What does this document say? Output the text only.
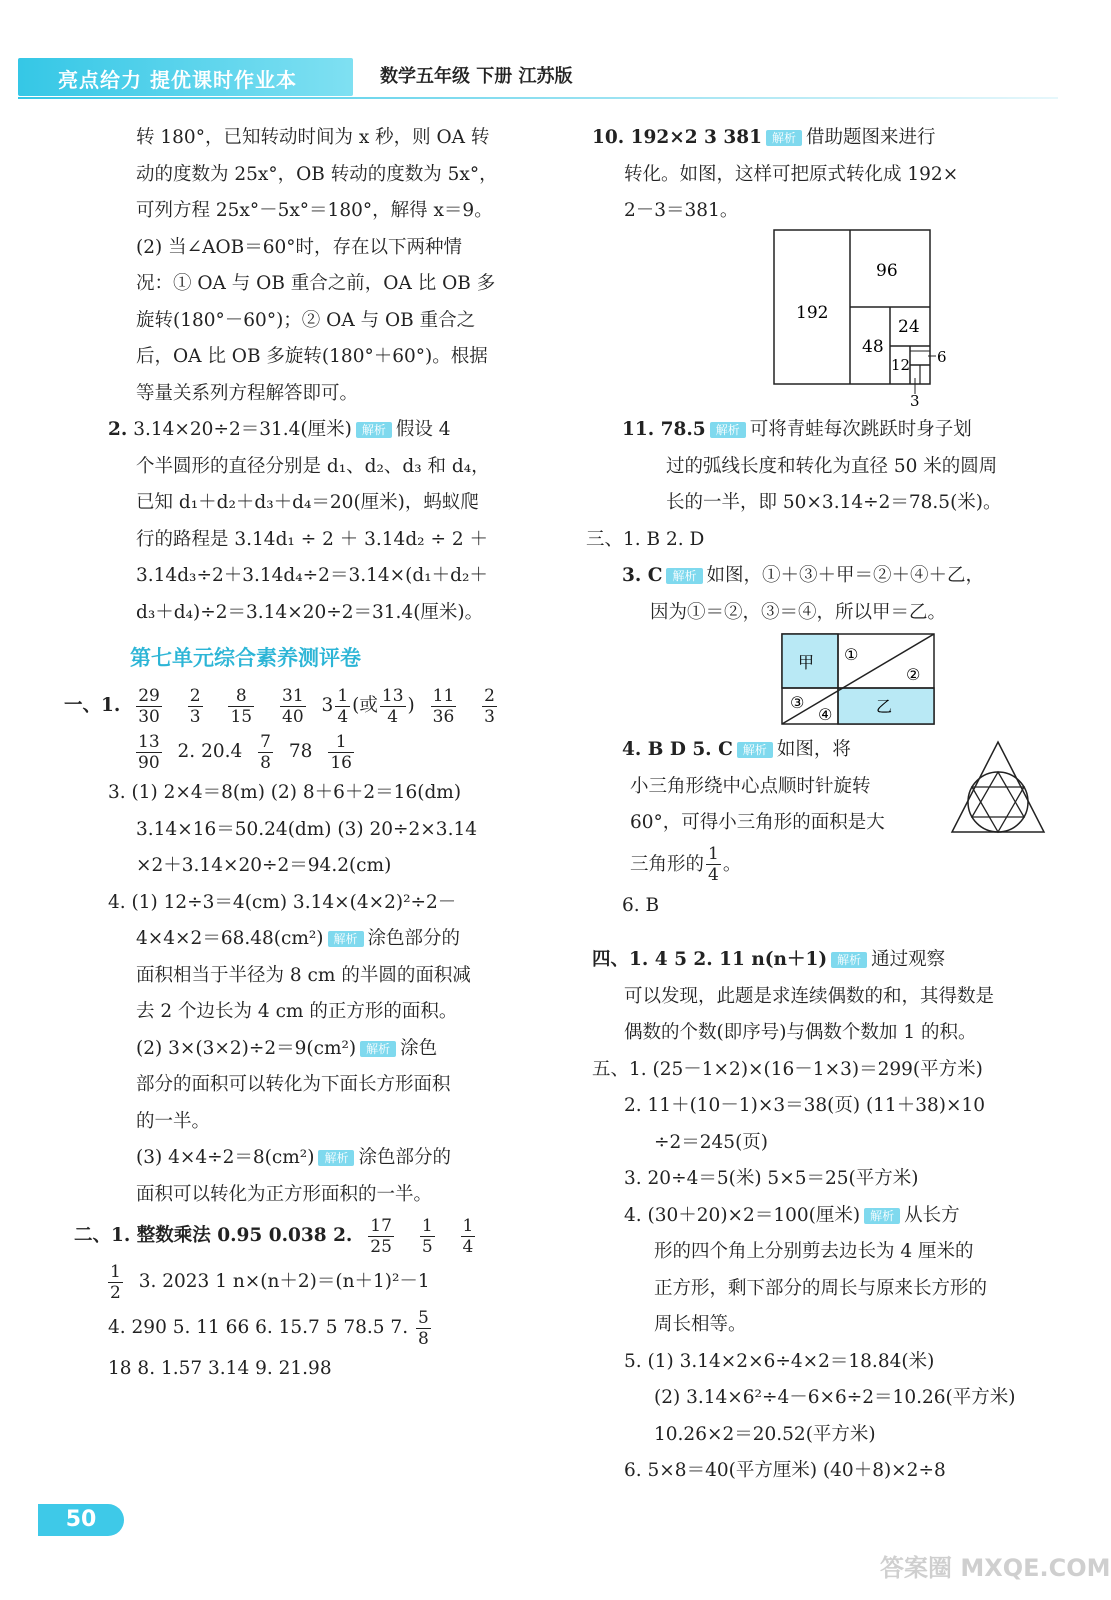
亮点给力 提优课时作业本	数学五年级 下册 江苏版

转 180°，已知转动时间为 x 秒，则 OA 转

动的度数为 25x°，OB 转动的度数为 5x°，

可列方程 25x°－5x°＝180°，解得 x＝9。

(2) 当∠AOB＝60°时，存在以下两种情

况：① OA 与 OB 重合之前，OA 比 OB 多

旋转(180°－60°)；② OA 与 OB 重合之

后，OA 比 OB 多旋转(180°＋60°)。根据

等量关系列方程解答即可。

2. 3.14×20÷2＝31.4(厘米) 解析 假设 4

个半圆形的直径分别是 d₁、d₂、d₃ 和 d₄，

已知 d₁＋d₂＋d₃＋d₄＝20(厘米)，蚂蚁爬

行的路程是 3.14d₁ ÷ 2 ＋ 3.14d₂ ÷ 2 ＋

3.14d₃÷2＋3.14d₄÷2＝3.14×(d₁＋d₂＋

d₃＋d₄)÷2＝3.14×20÷2＝31.4(厘米)。

第七单元综合素养测评卷

一、1. $\frac{29}{30}$
$\frac{2}{3}$
$\frac{8}{15}$
$\frac{31}{40} 3 \frac{1}{4}$ (或 $\frac{13}{4}$ ) $\frac{11}{36}$
$\frac{2}{3}$

$\frac{13}{90} 2$. $20.4 \frac{7}{8} 78 \frac{1}{16}$

3. (1) 2×4＝8(m) (2) 8＋6＋2＝16(dm)

3.14×16＝50.24(dm) (3) 20÷2×3.14

×2＋3.14×20÷2＝94.2(cm)

4. (1) 12÷3＝4(cm) 3.14×(4×2)²÷2－

4×4×2＝68.48(cm²) 解析 涂色部分的

面积相当于半径为 8 cm 的半圆的面积减

去 2 个边长为 4 cm 的正方形的面积。

(2) 3×(3×2)÷2＝9(cm²) 解析 涂色

部分的面积可以转化为下面长方形面积

的一半。

(3) 4×4÷2＝8(cm²) 解析 涂色部分的

面积可以转化为正方形面积的一半。

二、1. 整数乘法 0.95 0.038 2. $\frac{17}{25}$
$\frac{1}{5}$
$\frac{1}{4}$

$\frac{1}{2} 3$. 2023 1 n×(n＋2)＝(n＋1)²－1

4. 290 5. 11 66 6. 15.7 5 78.5 7. $\frac{5}{8}$

18 8. 1.57 3.14 9. 21.98

10. 192×2 3 381 解析 借助题图来进行

转化。如图，这样可把原式转化成 192×

2－3＝381。

192
96
48
24
12 6
3

11. 78.5 解析 可将青蛙每次跳跃时身子划

过的弧线长度和转化为直径 50 米的圆周

长的一半，即 50×3.14÷2＝78.5(米)。

三、1. B 2. D

3. C 解析 如图，①＋③＋甲＝②＋④＋乙，

因为①＝②，③＝④，所以甲＝乙。

甲
乙
①
②
③
④

4. B D 5. C 解析 如图，将

小三角形绕中心点顺时针旋转

60°，可得小三角形的面积是大

三角形的 $\frac{1}{4}$ 。

6. B

四、1. 4 5 2. 11 n(n＋1) 解析 通过观察

可以发现，此题是求连续偶数的和，其得数是

偶数的个数(即序号)与偶数个数加 1 的积。

五、1. (25－1×2)×(16－1×3)＝299(平方米)

2. 11＋(10－1)×3＝38(页) (11＋38)×10

÷2＝245(页)

3. 20÷4＝5(米) 5×5＝25(平方米)

4. (30＋20)×2＝100(厘米) 解析 从长方

形的四个角上分别剪去边长为 4 厘米的

正方形，剩下部分的周长与原来长方形的

周长相等。

5. (1) 3.14×2×6÷4×2＝18.84(米)

(2) 3.14×6²÷4－6×6÷2＝10.26(平方米)

10.26×2＝20.52(平方米)

6. 5×8＝40(平方厘米) (40＋8)×2÷8

50
答案圈 MXQE.COM
